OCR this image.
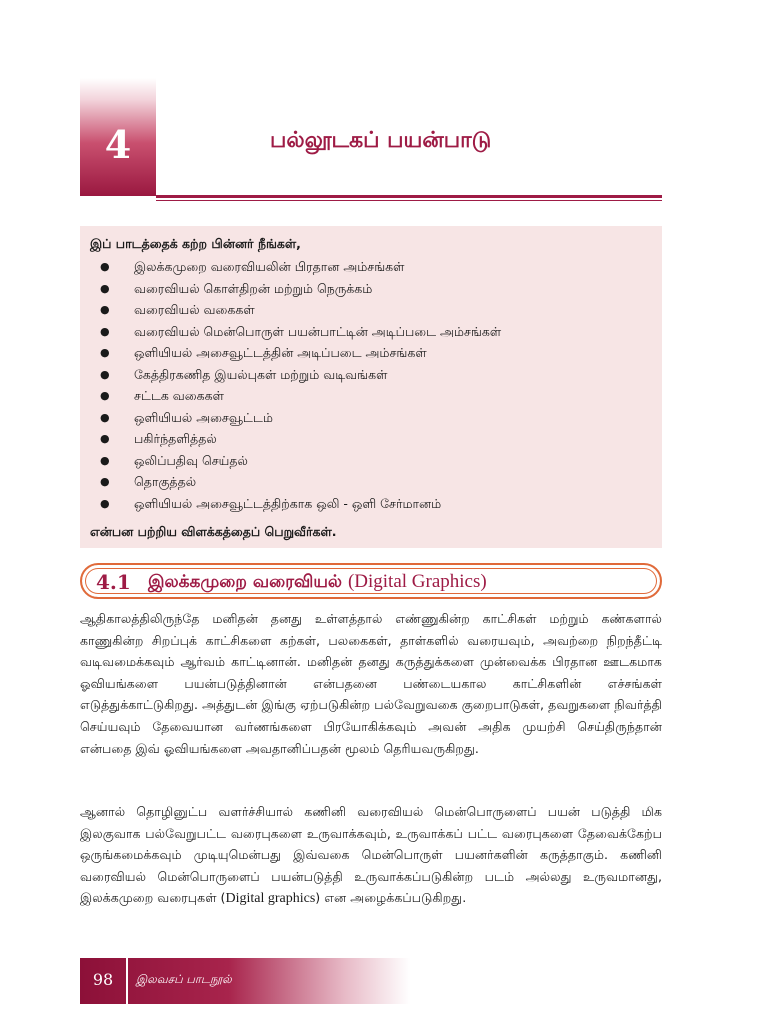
4	பல்லூடகப் பயன்பாடு

இப் பாடத்தைக் கற்ற பின்னர் நீங்கள்,

● இலக்கமுறை வரைவியலின் பிரதான அம்சங்கள்
● வரைவியல் கொள்திறன் மற்றும் நெருக்கம்
● வரைவியல் வகைகள்
● வரைவியல் மென்பொருள் பயன்பாட்டின் அடிப்படை அம்சங்கள்
● ஒளியியல் அசைவூட்டத்தின் அடிப்படை அம்சங்கள்
● கேத்திரகணித இயல்புகள் மற்றும் வடிவங்கள்
● சட்டக வகைகள்
● ஒளியியல் அசைவூட்டம்
● பகிர்ந்தளித்தல்
● ஒலிப்பதிவு செய்தல்
● தொகுத்தல்
● ஒளியியல் அசைவூட்டத்திற்காக ஒலி - ஒளி சேர்மானம்

என்பன பற்றிய விளக்கத்தைப் பெறுவீர்கள்.

4.1 இலக்கமுறை வரைவியல் (Digital Graphics)

ஆதிகாலத்திலிருந்தே மனிதன் தனது உள்ளத்தால் எண்ணுகின்ற காட்சிகள் மற்றும் கண்களால் காணுகின்ற சிறப்புக் காட்சிகளை கற்கள், பலகைகள், தாள்களில் வரையவும், அவற்றை நிறந்தீட்டி வடிவமைக்கவும் ஆர்வம் காட்டினான். மனிதன் தனது கருத்துக்களை முன்வைக்க பிரதான ஊடகமாக ஓவியங்களை பயன்படுத்தினான் என்பதனை பண்டையகால காட்சிகளின் எச்சங்கள் எடுத்துக்காட்டுகிறது. அத்துடன் இங்கு ஏற்படுகின்ற பல்வேறுவகை குறைபாடுகள், தவறுகளை நிவர்த்தி செய்யவும் தேவையான வர்ணங்களை பிரயோகிக்கவும் அவன் அதிக முயற்சி செய்திருந்தான் என்பதை இவ் ஓவியங்களை அவதானிப்பதன் மூலம் தெரியவருகிறது.

ஆனால் தொழினுட்ப வளர்ச்சியால் கணினி வரைவியல் மென்பொருளைப் பயன் படுத்தி மிக இலகுவாக பல்வேறுபட்ட வரைபுகளை உருவாக்கவும், உருவாக்கப் பட்ட வரைபுகளை தேவைக்கேற்ப ஒருங்கமைக்கவும் முடியுமென்பது இவ்வகை மென்பொருள் பயனர்களின் கருத்தாகும். கணினி வரைவியல் மென்பொருளைப் பயன்படுத்தி உருவாக்கப்படுகின்ற படம் அல்லது உருவமானது, இலக்கமுறை வரைபுகள் (Digital graphics) என அழைக்கப்படுகிறது.

98	இலவசப் பாடநூல்
